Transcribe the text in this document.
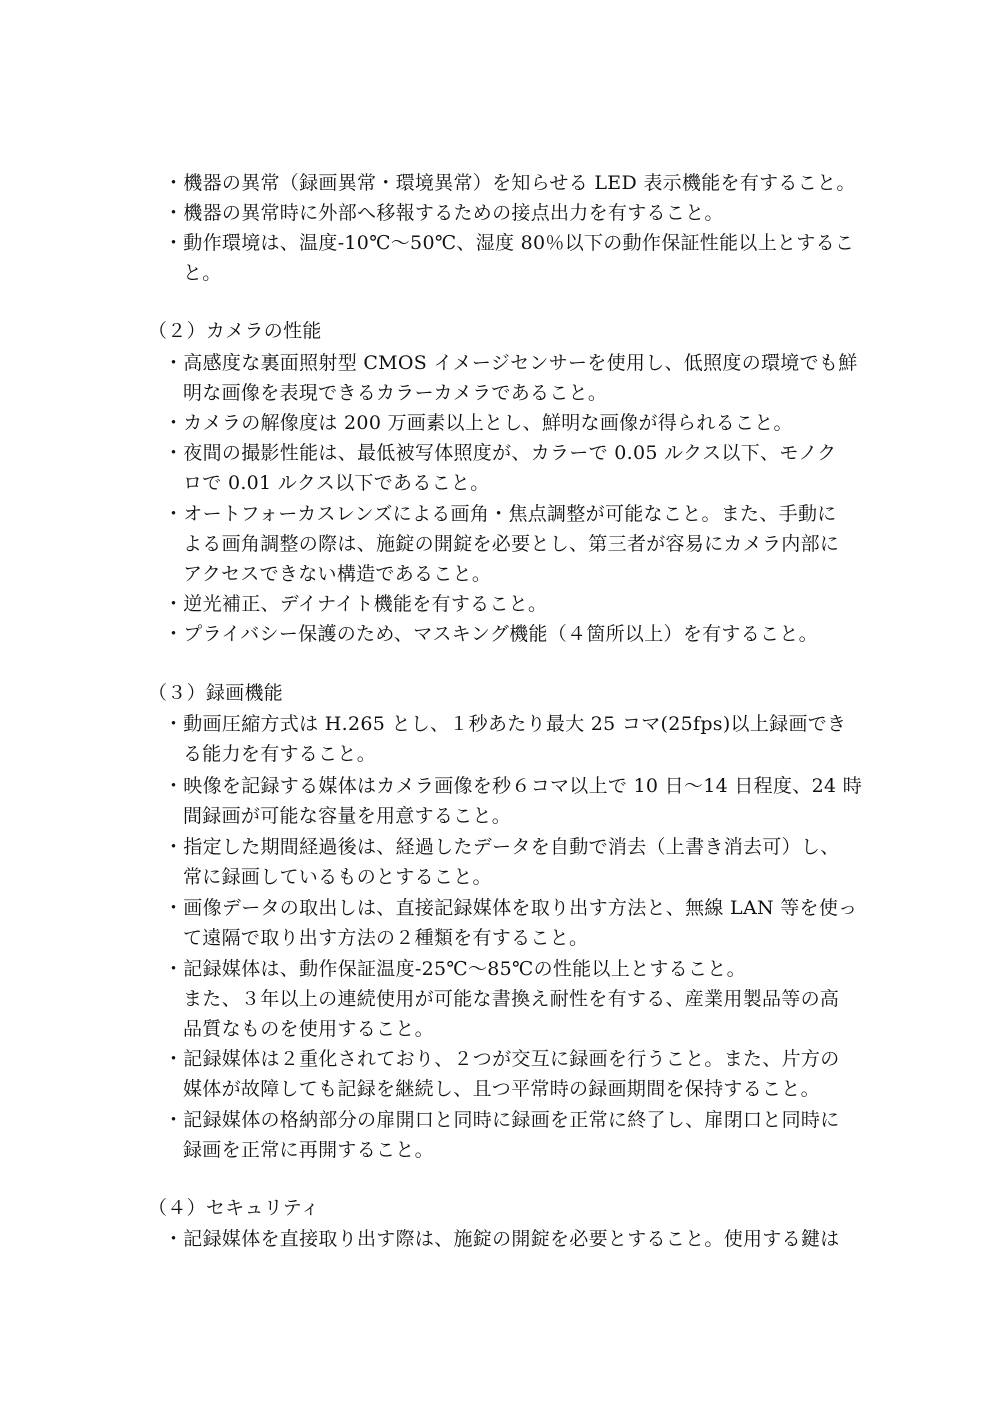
・機器の異常（録画異常・環境異常）を知らせる LED 表示機能を有すること。
・機器の異常時に外部へ移報するための接点出力を有すること。
・動作環境は、温度-10℃～50℃、湿度 80％以下の動作保証性能以上とするこ
と。
（２）カメラの性能
・高感度な裏面照射型 CMOS イメージセンサーを使用し、低照度の環境でも鮮
明な画像を表現できるカラーカメラであること。
・カメラの解像度は 200 万画素以上とし、鮮明な画像が得られること。
・夜間の撮影性能は、最低被写体照度が、カラーで 0.05 ルクス以下、モノク
ロで 0.01 ルクス以下であること。
・オートフォーカスレンズによる画角・焦点調整が可能なこと。また、手動に
よる画角調整の際は、施錠の開錠を必要とし、第三者が容易にカメラ内部に
アクセスできない構造であること。
・逆光補正、デイナイト機能を有すること。
・プライバシー保護のため、マスキング機能（４箇所以上）を有すること。
（３）録画機能
・動画圧縮方式は H.265 とし、１秒あたり最大 25 コマ(25fps)以上録画でき
る能力を有すること。
・映像を記録する媒体はカメラ画像を秒６コマ以上で 10 日～14 日程度、24 時
間録画が可能な容量を用意すること。
・指定した期間経過後は、経過したデータを自動で消去（上書き消去可）し、
常に録画しているものとすること。
・画像データの取出しは、直接記録媒体を取り出す方法と、無線 LAN 等を使っ
て遠隔で取り出す方法の２種類を有すること。
・記録媒体は、動作保証温度-25℃～85℃の性能以上とすること。
また、３年以上の連続使用が可能な書換え耐性を有する、産業用製品等の高
品質なものを使用すること。
・記録媒体は２重化されており、２つが交互に録画を行うこと。また、片方の
媒体が故障しても記録を継続し、且つ平常時の録画期間を保持すること。
・記録媒体の格納部分の扉開口と同時に録画を正常に終了し、扉閉口と同時に
録画を正常に再開すること。
（４）セキュリティ
・記録媒体を直接取り出す際は、施錠の開錠を必要とすること。使用する鍵は
